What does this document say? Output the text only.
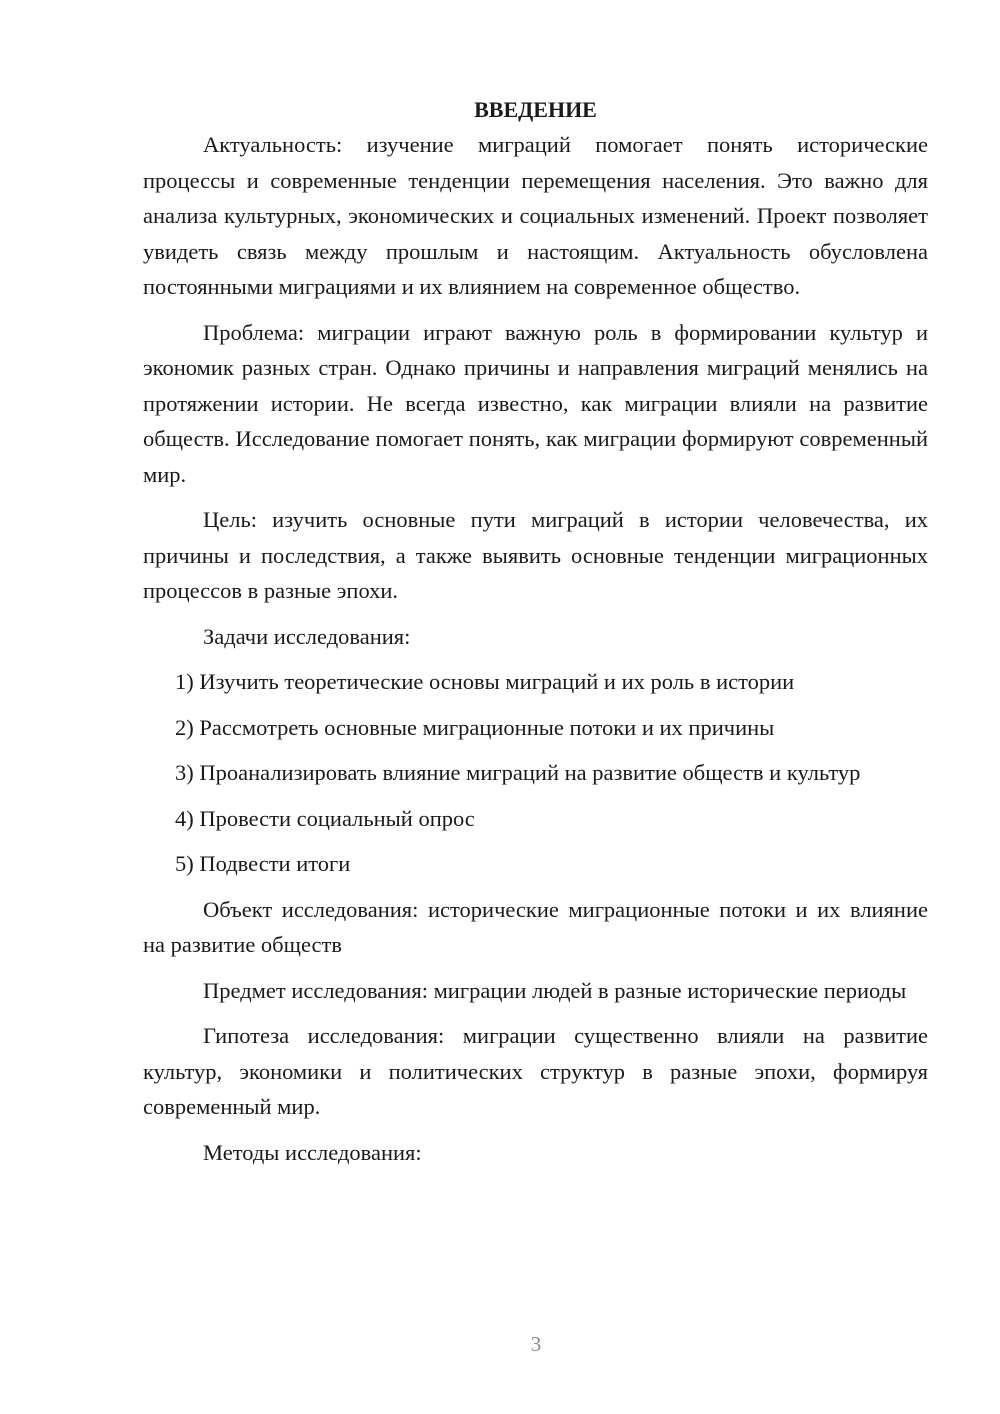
ВВЕДЕНИЕ

Актуальность: изучение миграций помогает понять исторические процессы и современные тенденции перемещения населения. Это важно для анализа культурных, экономических и социальных изменений. Проект позволяет увидеть связь между прошлым и настоящим. Актуальность обусловлена постоянными миграциями и их влиянием на современное общество.

Проблема: миграции играют важную роль в формировании культур и экономик разных стран. Однако причины и направления миграций менялись на протяжении истории. Не всегда известно, как миграции влияли на развитие обществ. Исследование помогает понять, как миграции формируют современный мир.

Цель: изучить основные пути миграций в истории человечества, их причины и последствия, а также выявить основные тенденции миграционных процессов в разные эпохи.

Задачи исследования:

1) Изучить теоретические основы миграций и их роль в истории

2) Рассмотреть основные миграционные потоки и их причины

3) Проанализировать влияние миграций на развитие обществ и культур

4) Провести социальный опрос

5) Подвести итоги

Объект исследования: исторические миграционные потоки и их влияние на развитие обществ

Предмет исследования: миграции людей в разные исторические периоды

Гипотеза исследования: миграции существенно влияли на развитие культур, экономики и политических структур в разные эпохи, формируя современный мир.

Методы исследования:

3
